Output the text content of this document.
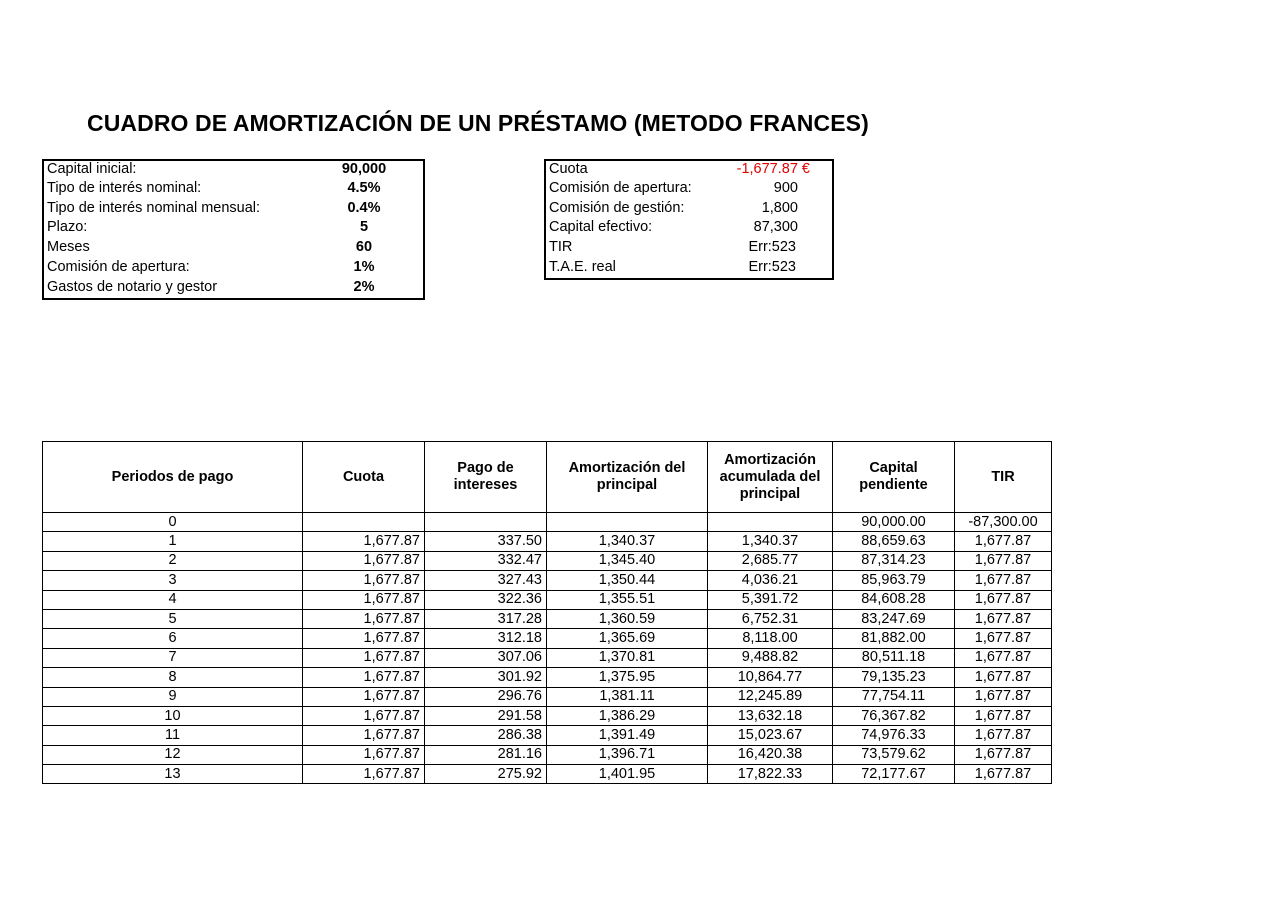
CUADRO DE AMORTIZACIÓN DE UN PRÉSTAMO (METODO FRANCES)
Capital inicial:	90,000
Tipo de interés nominal:	4.5%
Tipo de interés nominal mensual:	0.4%
Plazo:	5
Meses	60
Comisión de apertura:	1%
Gastos de notario y gestor	2%
Cuota	-1,677.87 €
Comisión de apertura:	900
Comisión de gestión:	1,800
Capital efectivo:	87,300
TIR	Err:523
T.A.E. real	Err:523
Periodos de pago	Cuota	Pago de intereses	Amortización del principal	Amortización acumulada del principal	Capital pendiente	TIR
0					90,000.00	-87,300.00
1	1,677.87	337.50	1,340.37	1,340.37	88,659.63	1,677.87
2	1,677.87	332.47	1,345.40	2,685.77	87,314.23	1,677.87
3	1,677.87	327.43	1,350.44	4,036.21	85,963.79	1,677.87
4	1,677.87	322.36	1,355.51	5,391.72	84,608.28	1,677.87
5	1,677.87	317.28	1,360.59	6,752.31	83,247.69	1,677.87
6	1,677.87	312.18	1,365.69	8,118.00	81,882.00	1,677.87
7	1,677.87	307.06	1,370.81	9,488.82	80,511.18	1,677.87
8	1,677.87	301.92	1,375.95	10,864.77	79,135.23	1,677.87
9	1,677.87	296.76	1,381.11	12,245.89	77,754.11	1,677.87
10	1,677.87	291.58	1,386.29	13,632.18	76,367.82	1,677.87
11	1,677.87	286.38	1,391.49	15,023.67	74,976.33	1,677.87
12	1,677.87	281.16	1,396.71	16,420.38	73,579.62	1,677.87
13	1,677.87	275.92	1,401.95	17,822.33	72,177.67	1,677.87
